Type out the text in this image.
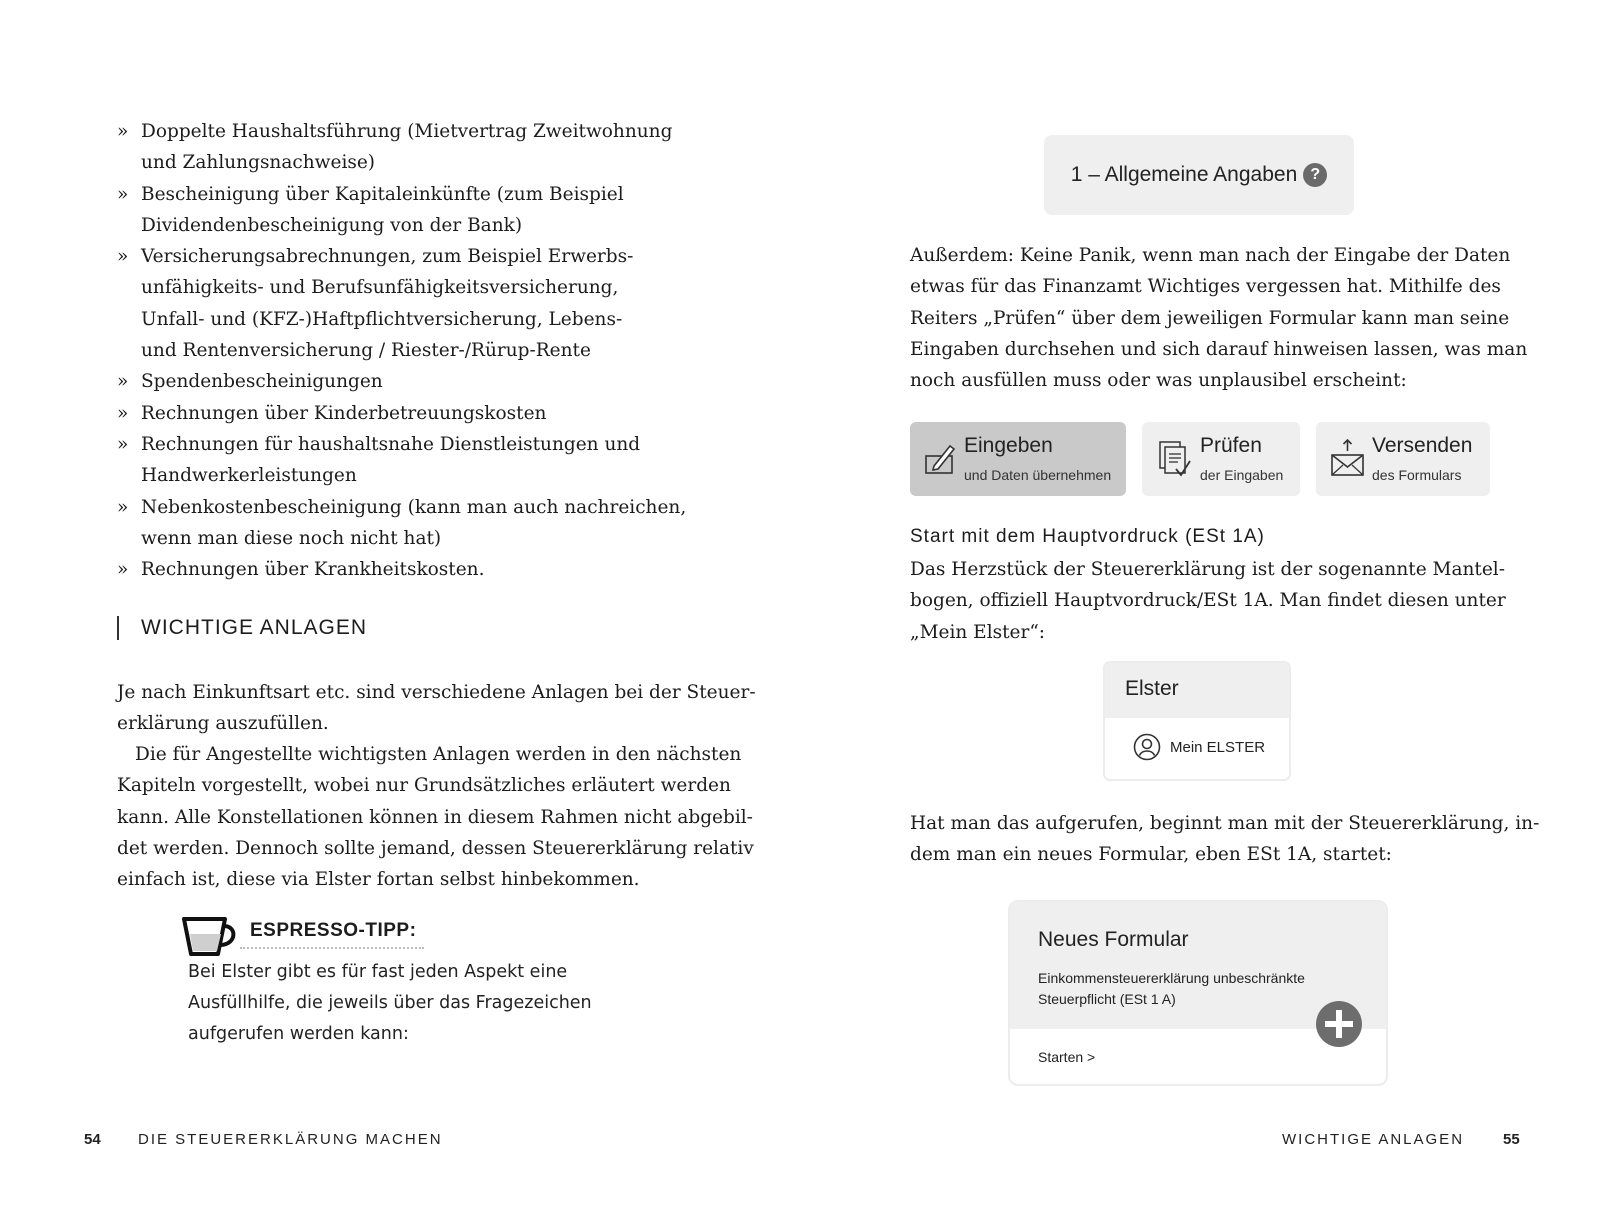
» Doppelte Haushaltsführung (Mietvertrag Zweitwohnung
und Zahlungsnachweise)
» Bescheinigung über Kapitaleinkünfte (zum Beispiel
Dividendenbescheinigung von der Bank)
» Versicherungsabrechnungen, zum Beispiel Erwerbs-
unfähigkeits- und Berufsunfähigkeitsversicherung,
Unfall- und (KFZ-)Haftpflichtversicherung, Lebens-
und Rentenversicherung / Riester-/Rürup-Rente
» Spendenbescheinigungen
» Rechnungen über Kinderbetreuungskosten
» Rechnungen für haushaltsnahe Dienstleistungen und
Handwerkerleistungen
» Nebenkostenbescheinigung (kann man auch nachreichen,
wenn man diese noch nicht hat)
» Rechnungen über Krankheitskosten.
WICHTIGE ANLAGEN
Je nach Einkunftsart etc. sind verschiedene Anlagen bei der Steuer-
erklärung auszufüllen.
Die für Angestellte wichtigsten Anlagen werden in den nächsten
Kapiteln vorgestellt, wobei nur Grundsätzliches erläutert werden
kann. Alle Konstellationen können in diesem Rahmen nicht abgebil-
det werden. Dennoch sollte jemand, dessen Steuererklärung relativ
einfach ist, diese via Elster fortan selbst hinbekommen.
ESPRESSO-TIPP:
Bei Elster gibt es für fast jeden Aspekt eine
Ausfüllhilfe, die jeweils über das Fragezeichen
aufgerufen werden kann:
54 DIE STEUERERKLÄRUNG MACHEN
1 – Allgemeine Angaben ?
Außerdem: Keine Panik, wenn man nach der Eingabe der Daten
etwas für das Finanzamt Wichtiges vergessen hat. Mithilfe des
Reiters „Prüfen“ über dem jeweiligen Formular kann man seine
Eingaben durchsehen und sich darauf hinweisen lassen, was man
noch ausfüllen muss oder was unplausibel erscheint:
Eingeben
und Daten übernehmen
Prüfen
der Eingaben
Versenden
des Formulars
Start mit dem Hauptvordruck (ESt 1A)
Das Herzstück der Steuererklärung ist der sogenannte Mantel-
bogen, offiziell Hauptvordruck/ESt 1A. Man findet diesen unter
„Mein Elster“:
Elster
Mein ELSTER
Hat man das aufgerufen, beginnt man mit der Steuererklärung, in-
dem man ein neues Formular, eben ESt 1A, startet:
Neues Formular
Einkommensteuererklärung unbeschränkte
Steuerpflicht (ESt 1 A)
Starten >
WICHTIGE ANLAGEN	55
